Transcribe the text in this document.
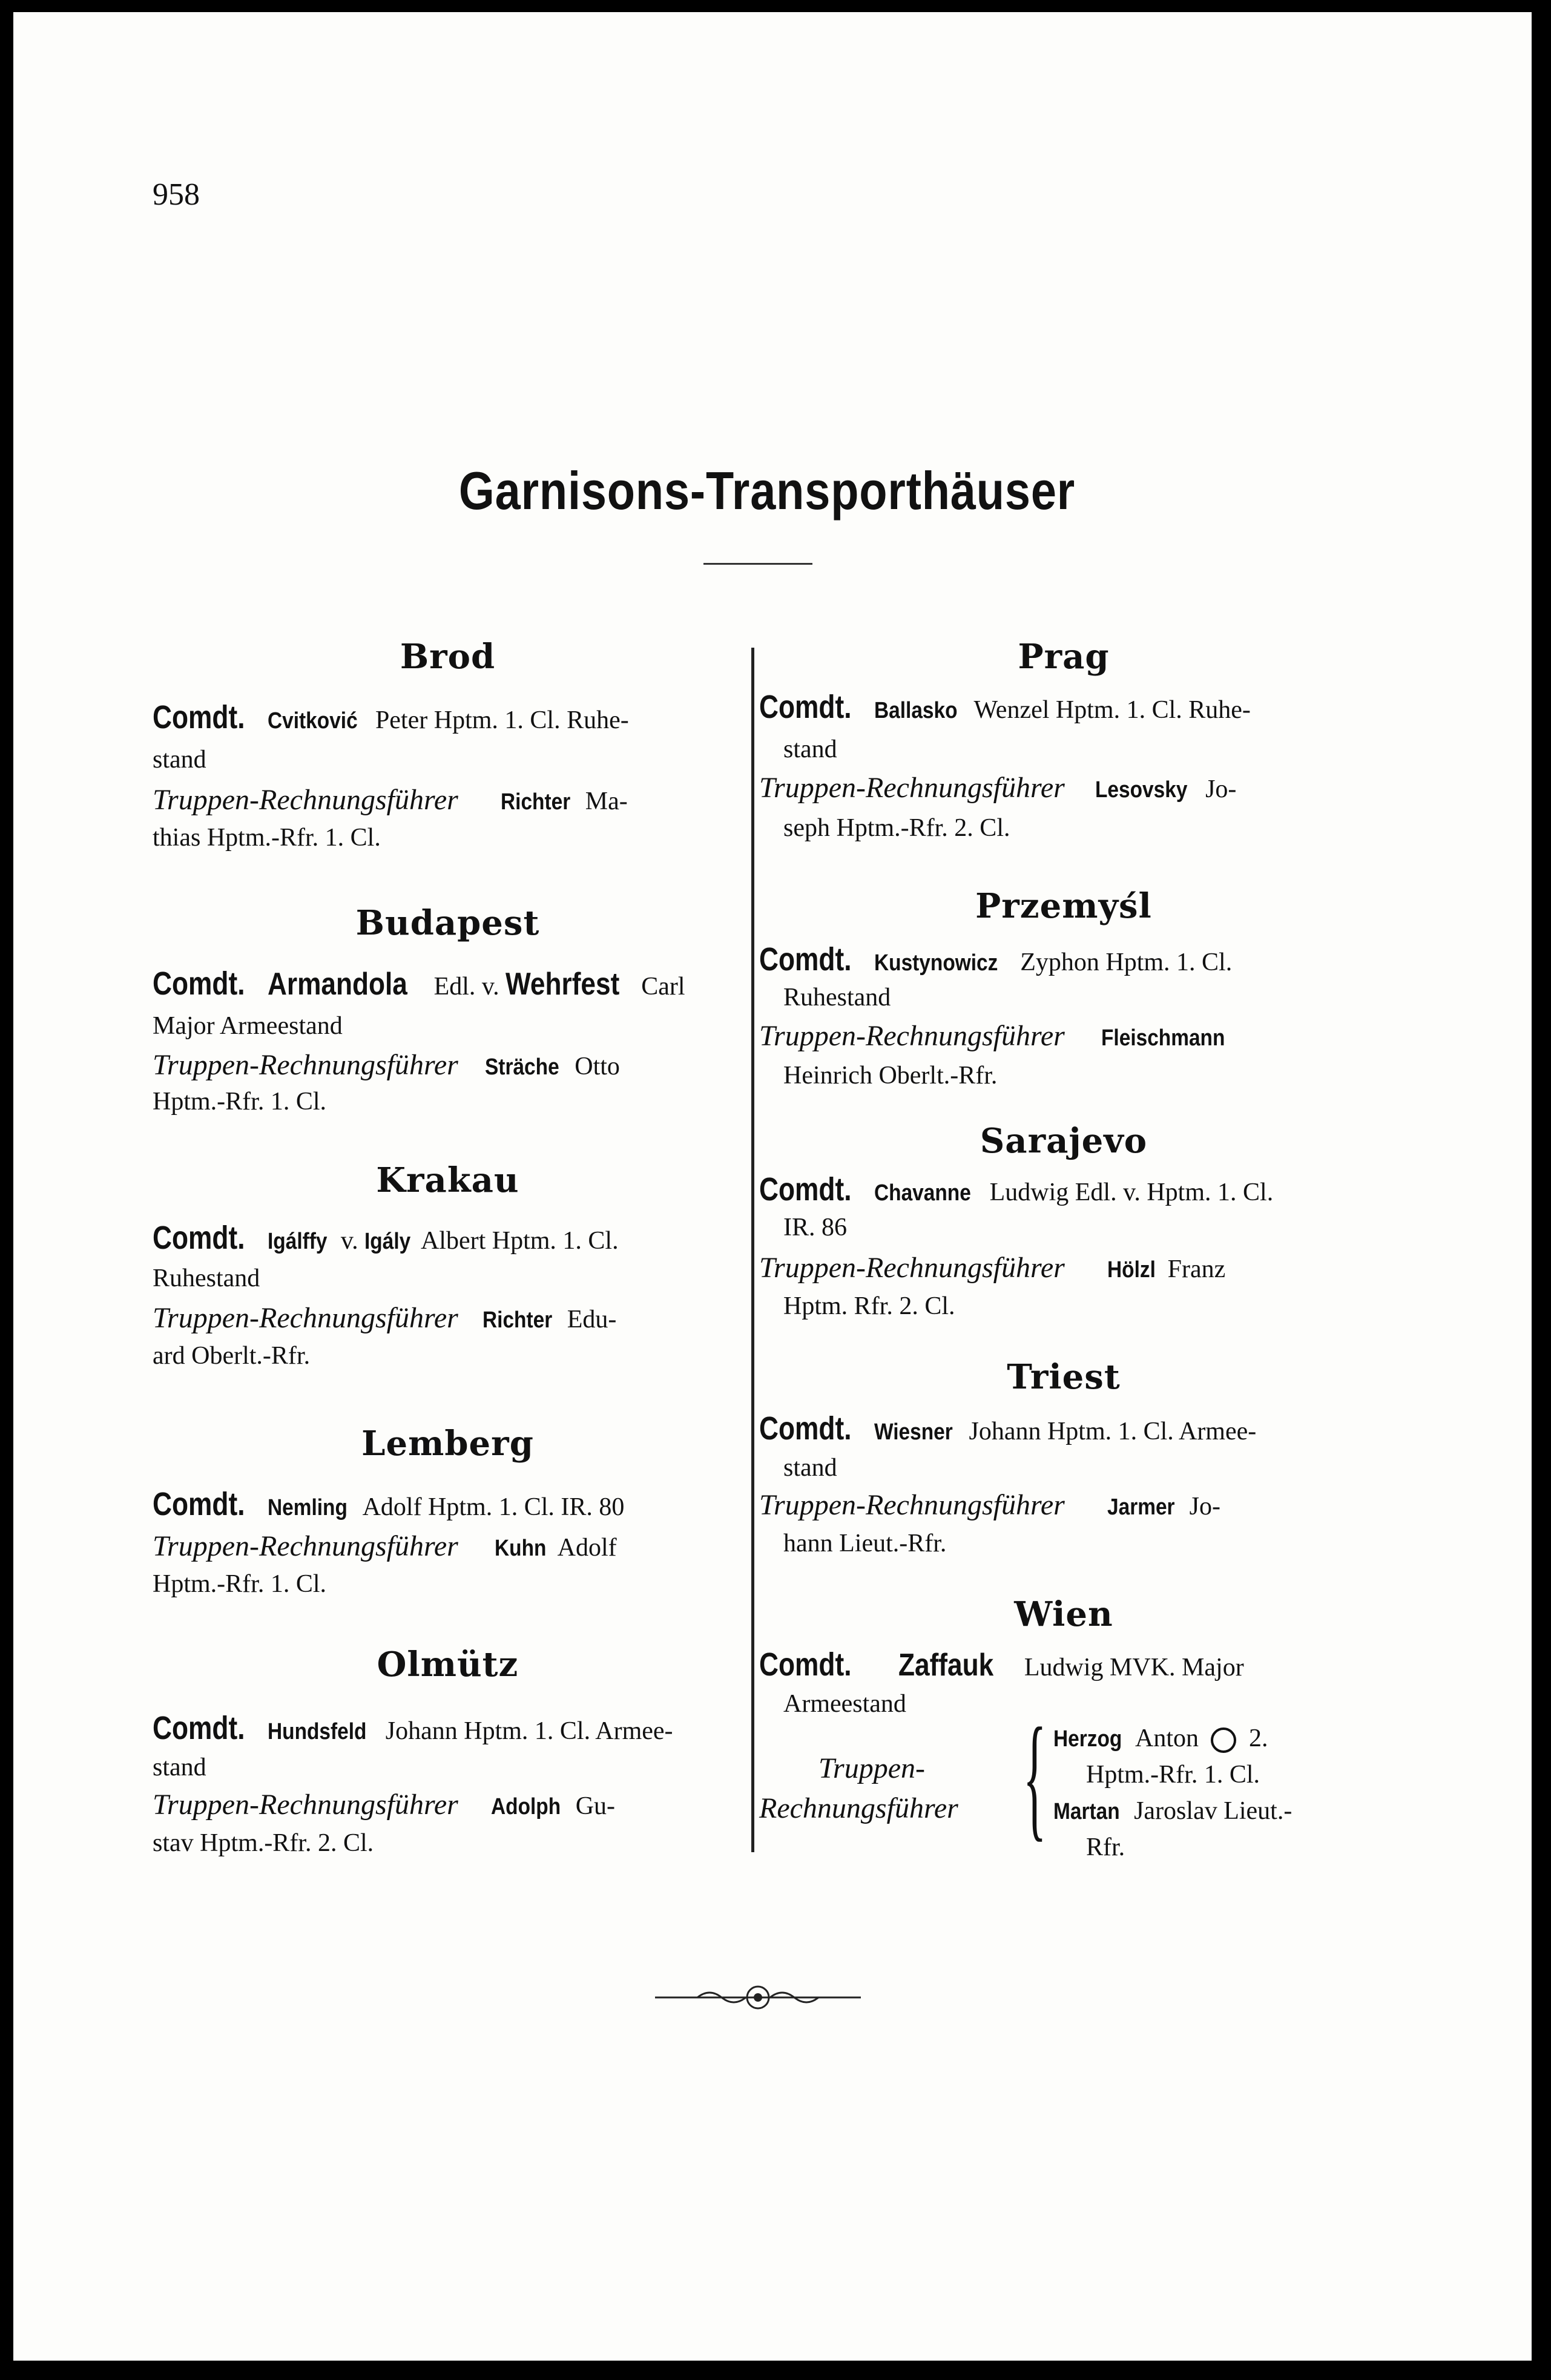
958
Garnisons-Transporthäuser
Brod
Comdt. Cvitković Peter Hptm. 1. Cl. Ruhe-
stand
Truppen-Rechnungsführer Richter Ma-
thias Hptm.-Rfr. 1. Cl.
Budapest
Comdt. Armandola Edl. v. Wehrfest Carl
Major Armeestand
Truppen-Rechnungsführer Sträche Otto
Hptm.-Rfr. 1. Cl.
Krakau
Comdt. Igálffy v. Igály Albert Hptm. 1. Cl.
Ruhestand
Truppen-Rechnungsführer Richter Edu-
ard Oberlt.-Rfr.
Lemberg
Comdt. Nemling Adolf Hptm. 1. Cl. IR. 80
Truppen-Rechnungsführer Kuhn Adolf
Hptm.-Rfr. 1. Cl.
Olmütz
Comdt. Hundsfeld Johann Hptm. 1. Cl. Armee-
stand
Truppen-Rechnungsführer Adolph Gu-
stav Hptm.-Rfr. 2. Cl.
Prag
Comdt. Ballasko Wenzel Hptm. 1. Cl. Ruhe-
stand
Truppen-Rechnungsführer Lesovsky Jo-
seph Hptm.-Rfr. 2. Cl.
Przemyśl
Comdt. Kustynowicz Zyphon Hptm. 1. Cl.
Ruhestand
Truppen-Rechnungsführer Fleischmann
Heinrich Oberlt.-Rfr.
Sarajevo
Comdt. Chavanne Ludwig Edl. v. Hptm. 1. Cl.
IR. 86
Truppen-Rechnungsführer Hölzl Franz
Hptm. Rfr. 2. Cl.
Triest
Comdt. Wiesner Johann Hptm. 1. Cl. Armee-
stand
Truppen-Rechnungsführer Jarmer Jo-
hann Lieut.-Rfr.
Wien
Comdt. Zaffauk Ludwig MVK. Major
Armeestand
Truppen-
Rechnungsführer { Herzog Anton 2.
Hptm.-Rfr. 1. Cl.
Martan Jaroslav Lieut.-
Rfr.
